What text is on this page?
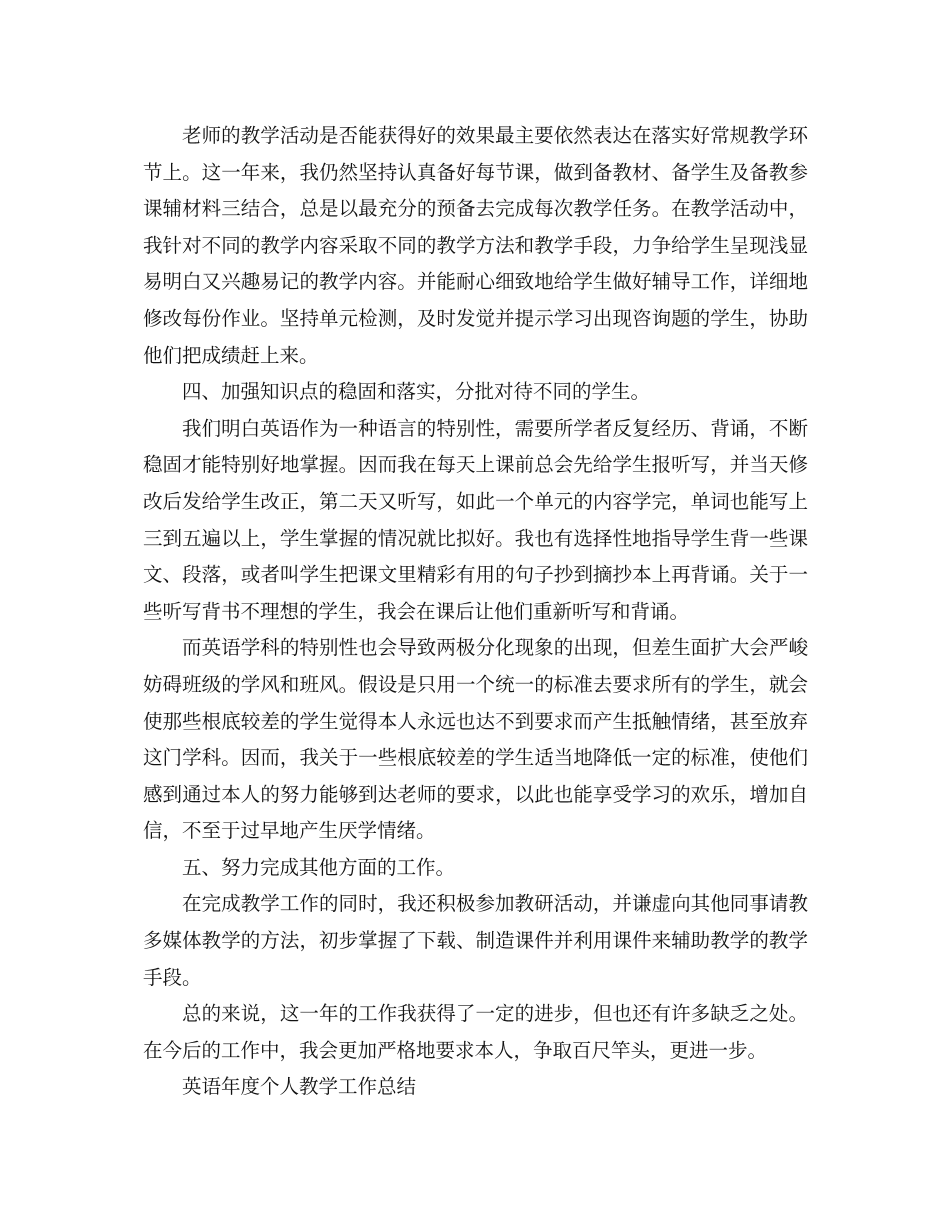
老师的教学活动是否能获得好的效果最主要依然表达在落实好常规教学环节上。这一年来，我仍然坚持认真备好每节课，做到备教材、备学生及备教参课辅材料三结合，总是以最充分的预备去完成每次教学任务。在教学活动中，我针对不同的教学内容采取不同的教学方法和教学手段，力争给学生呈现浅显易明白又兴趣易记的教学内容。并能耐心细致地给学生做好辅导工作，详细地修改每份作业。坚持单元检测，及时发觉并提示学习出现咨询题的学生，协助他们把成绩赶上来。

四、加强知识点的稳固和落实，分批对待不同的学生。

我们明白英语作为一种语言的特别性，需要所学者反复经历、背诵，不断稳固才能特别好地掌握。因而我在每天上课前总会先给学生报听写，并当天修改后发给学生改正，第二天又听写，如此一个单元的内容学完，单词也能写上三到五遍以上，学生掌握的情况就比拟好。我也有选择性地指导学生背一些课文、段落，或者叫学生把课文里精彩有用的句子抄到摘抄本上再背诵。关于一些听写背书不理想的学生，我会在课后让他们重新听写和背诵。

而英语学科的特别性也会导致两极分化现象的出现，但差生面扩大会严峻妨碍班级的学风和班风。假设是只用一个统一的标准去要求所有的学生，就会使那些根底较差的学生觉得本人永远也达不到要求而产生抵触情绪，甚至放弃这门学科。因而，我关于一些根底较差的学生适当地降低一定的标准，使他们感到通过本人的努力能够到达老师的要求，以此也能享受学习的欢乐，增加自信，不至于过早地产生厌学情绪。

五、努力完成其他方面的工作。

在完成教学工作的同时，我还积极参加教研活动，并谦虚向其他同事请教多媒体教学的方法，初步掌握了下载、制造课件并利用课件来辅助教学的教学手段。

总的来说，这一年的工作我获得了一定的进步，但也还有许多缺乏之处。在今后的工作中，我会更加严格地要求本人，争取百尺竿头，更进一步。

英语年度个人教学工作总结
